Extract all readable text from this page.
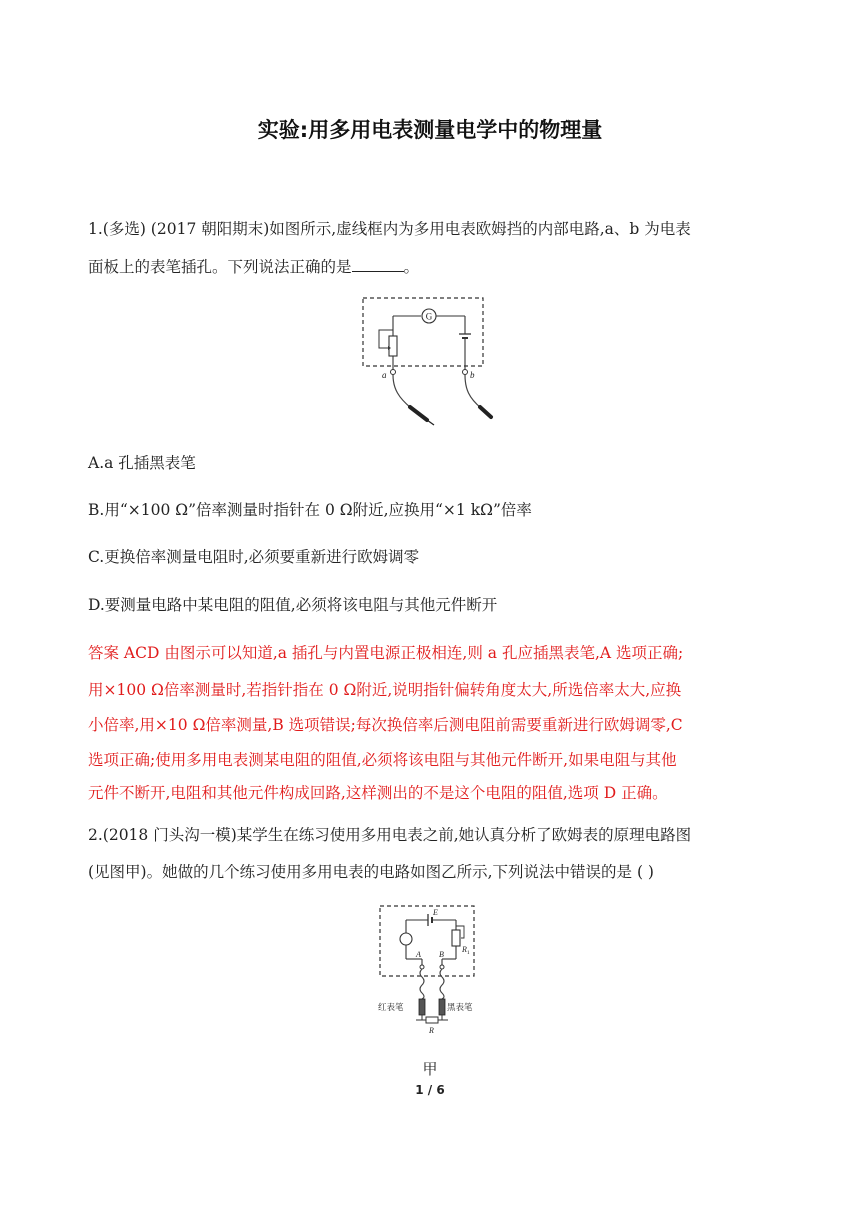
实验:用多用电表测量电学中的物理量
1.(多选) (2017 朝阳期末)如图所示,虚线框内为多用电表欧姆挡的内部电路,a、b 为电表
面板上的表笔插孔。下列说法正确的是	。
G
a	b
A.a 孔插黑表笔
B.用“×100 Ω”倍率测量时指针在 0 Ω附近,应换用“×1 kΩ”倍率
C.更换倍率测量电阻时,必须要重新进行欧姆调零
D.要测量电路中某电阻的阻值,必须将该电阻与其他元件断开
答案 ACD 由图示可以知道,a 插孔与内置电源正极相连,则 a 孔应插黑表笔,A 选项正确;
用×100 Ω倍率测量时,若指针指在 0 Ω附近,说明指针偏转角度太大,所选倍率太大,应换
小倍率,用×10 Ω倍率测量,B 选项错误;每次换倍率后测电阻前需要重新进行欧姆调零,C
选项正确;使用多用电表测某电阻的阻值,必须将该电阻与其他元件断开,如果电阻与其他
元件不断开,电阻和其他元件构成回路,这样测出的不是这个电阻的阻值,选项 D 正确。
2.(2018 门头沟一模)某学生在练习使用多用电表之前,她认真分析了欧姆表的原理电路图
(见图甲)。她做的几个练习使用多用电表的电路如图乙所示,下列说法中错误的是 ( )
E
$R_1$
A B
红表笔	黑表笔
R
甲
1 / 6
